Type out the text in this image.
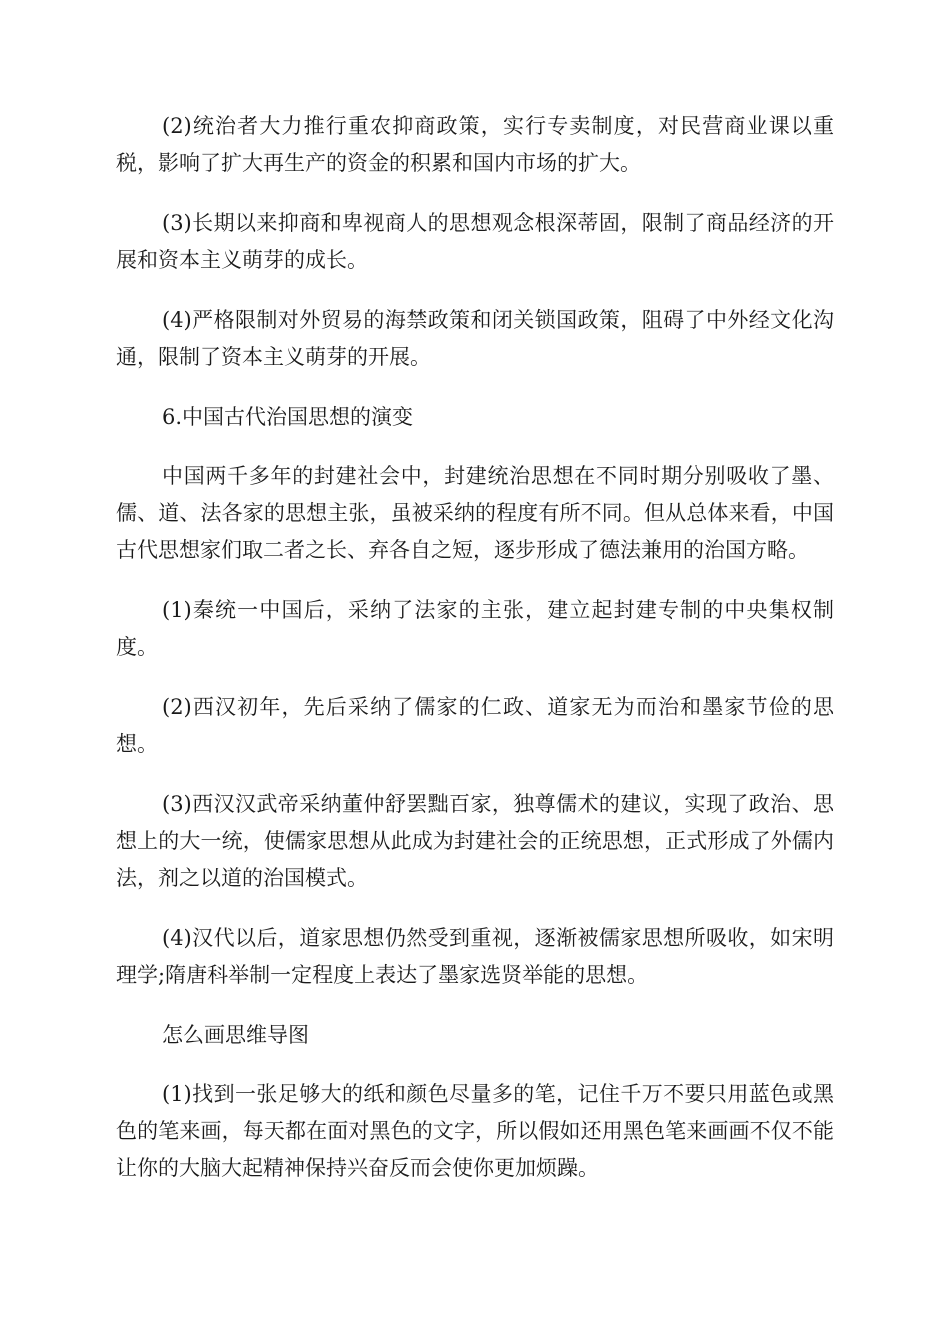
(2)统治者大力推行重农抑商政策，实行专卖制度，对民营商业课以重税，影响了扩大再生产的资金的积累和国内市场的扩大。

(3)长期以来抑商和卑视商人的思想观念根深蒂固，限制了商品经济的开展和资本主义萌芽的成长。

(4)严格限制对外贸易的海禁政策和闭关锁国政策，阻碍了中外经文化沟通，限制了资本主义萌芽的开展。

6.中国古代治国思想的演变

中国两千多年的封建社会中，封建统治思想在不同时期分别吸收了墨、儒、道、法各家的思想主张，虽被采纳的程度有所不同。但从总体来看，中国古代思想家们取二者之长、弃各自之短，逐步形成了德法兼用的治国方略。

(1)秦统一中国后，采纳了法家的主张，建立起封建专制的中央集权制度。

(2)西汉初年，先后采纳了儒家的仁政、道家无为而治和墨家节俭的思想。

(3)西汉汉武帝采纳董仲舒罢黜百家，独尊儒术的建议，实现了政治、思想上的大一统，使儒家思想从此成为封建社会的正统思想，正式形成了外儒内法，剂之以道的治国模式。

(4)汉代以后，道家思想仍然受到重视，逐渐被儒家思想所吸收，如宋明理学;隋唐科举制一定程度上表达了墨家选贤举能的思想。

怎么画思维导图

(1)找到一张足够大的纸和颜色尽量多的笔，记住千万不要只用蓝色或黑色的笔来画，每天都在面对黑色的文字，所以假如还用黑色笔来画画不仅不能让你的大脑大起精神保持兴奋反而会使你更加烦躁。
